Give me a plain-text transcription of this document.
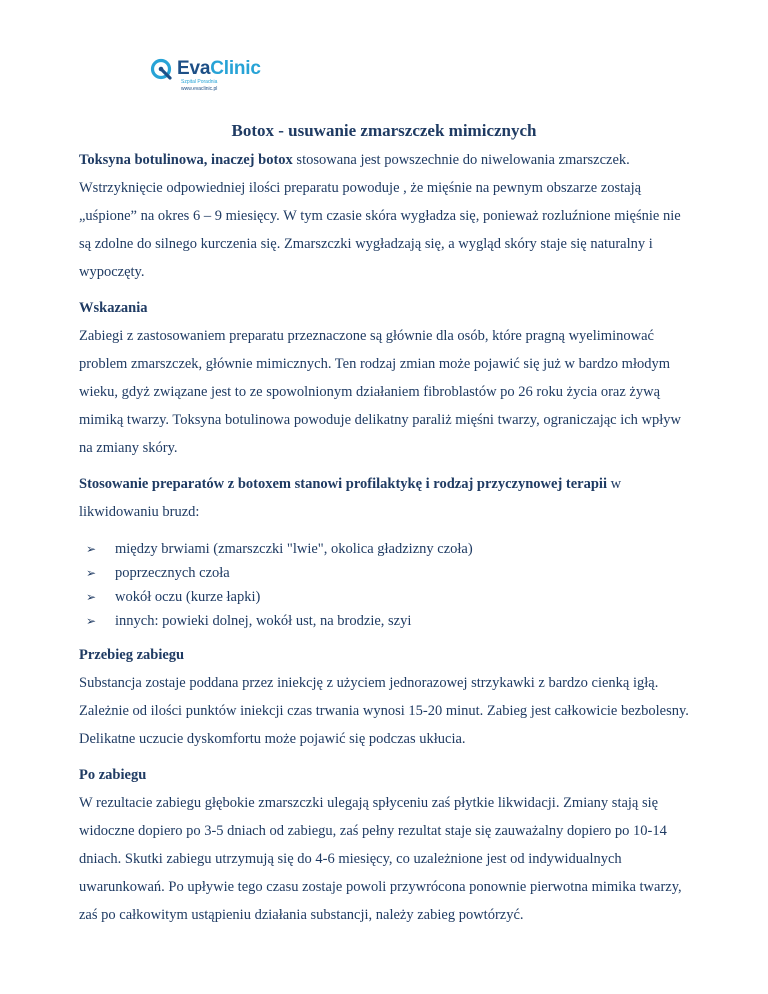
EvaClinic
Szpital Poradnia
www.evaclinic.pl
Botox - usuwanie zmarszczek mimicznych

Toksyna botulinowa, inaczej botox stosowana jest powszechnie do niwelowania zmarszczek. Wstrzyknięcie odpowiedniej ilości preparatu powoduje , że mięśnie na pewnym obszarze zostają „uśpione” na okres 6 – 9 miesięcy. W tym czasie skóra wygładza się, ponieważ rozluźnione mięśnie nie są zdolne do silnego kurczenia się. Zmarszczki wygładzają się, a wygląd skóry staje się naturalny i wypoczęty.

Wskazania

Zabiegi z zastosowaniem preparatu przeznaczone są głównie dla osób, które pragną wyeliminować problem zmarszczek, głównie mimicznych. Ten rodzaj zmian może pojawić się już w bardzo młodym wieku, gdyż związane jest to ze spowolnionym działaniem fibroblastów po 26 roku życia oraz żywą mimiką twarzy. Toksyna botulinowa powoduje delikatny paraliż mięśni twarzy, ograniczając ich wpływ na zmiany skóry.

Stosowanie preparatów z botoxem stanowi profilaktykę i rodzaj przyczynowej terapii w likwidowaniu bruzd:

➢ między brwiami (zmarszczki "lwie", okolica gładzizny czoła)
➢ poprzecznych czoła
➢ wokół oczu (kurze łapki)
➢ innych: powieki dolnej, wokół ust, na brodzie, szyi

Przebieg zabiegu

Substancja zostaje poddana przez iniekcję z użyciem jednorazowej strzykawki z bardzo cienką igłą. Zależnie od ilości punktów iniekcji czas trwania wynosi 15-20 minut. Zabieg jest całkowicie bezbolesny. Delikatne uczucie dyskomfortu może pojawić się podczas ukłucia.

Po zabiegu

W rezultacie zabiegu głębokie zmarszczki ulegają spłyceniu zaś płytkie likwidacji. Zmiany stają się widoczne dopiero po 3-5 dniach od zabiegu, zaś pełny rezultat staje się zauważalny dopiero po 10-14 dniach. Skutki zabiegu utrzymują się do 4-6 miesięcy, co uzależnione jest od indywidualnych uwarunkowań. Po upływie tego czasu zostaje powoli przywrócona ponownie pierwotna mimika twarzy, zaś po całkowitym ustąpieniu działania substancji, należy zabieg powtórzyć.
